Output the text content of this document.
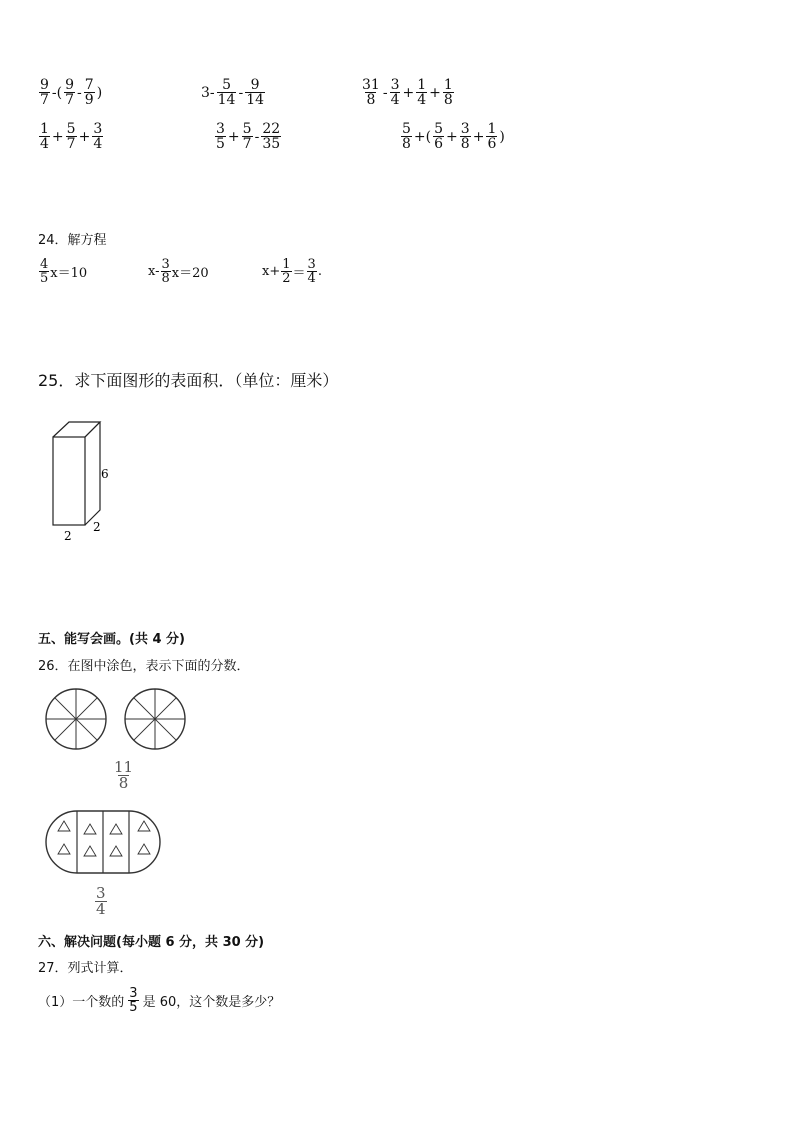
$\frac{9}{7}$ -( $\frac{9}{7} - \frac{7}{9}$ )	$3- \frac{5}{14} - \frac{9}{14}$	$\frac{31}{8} - \frac{3}{4} + \frac{1}{4} + \frac{1}{8}$
$\frac{1}{4} + \frac{5}{7} + \frac{3}{4}$	$\frac{3}{5} + \frac{5}{7} - \frac{22}{35}$	$\frac{5}{8}$ +( $\frac{5}{6} + \frac{3}{8} + \frac{1}{6}$ )
24．解方程
$\frac{4}{5} x=10$	$x- \frac{3}{8} x=20$	$x+ \frac{1}{2} = \frac{3}{4}$ .
25．求下面图形的表面积．（单位：厘米）
6
2
2
五、能写会画。(共 4 分)
26．在图中涂色，表示下面的分数．
$\frac{11}{8}$
$\frac{3}{4}$
六、解决问题(每小题 6 分，共 30 分)
27．列式计算．
（1）一个数的 $\frac{3}{5}$ 是 60，这个数是多少？
